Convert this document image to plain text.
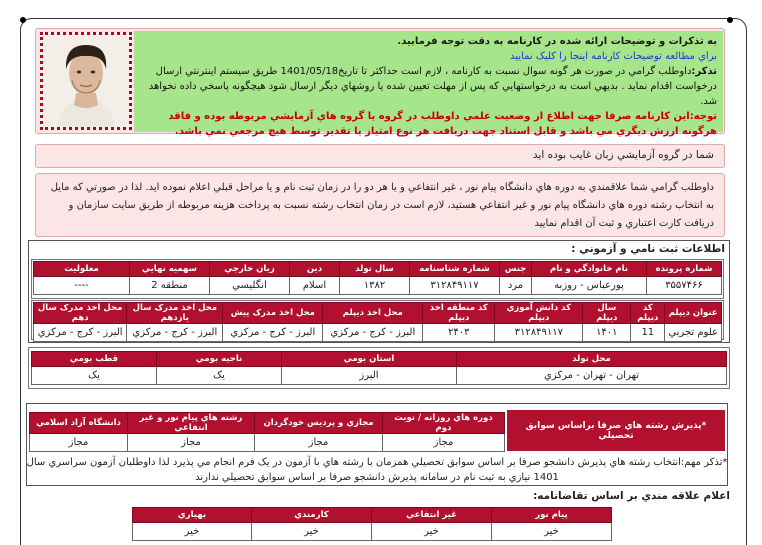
به تذکرات و توضیحات ارائه شده در کارنامه به دقت توجه فرمایید.
براي مطالعه توضيحات كارنامه اينجا را كليک نماييد
تذکر:داوطلب گرامي در صورت هر گونه سوال نسبت به كارنامه ، لازم است حداكثر تا تاريخ1401/05/18 طريق سيستم اينترنتي ارسال درخواست اقدام نمايد . بديهي است به درخواستهايي كه پس از مهلت تعيين شده يا روشهاي ديگر ارسال شود هيچگونه پاسخي داده نخواهد شد.
توجه:اين كارنامه صرفا جهت اطلاع از وضعيت علمي داوطلب در گروه يا گروه هاي آزمايشي مربوطه بوده و فاقد هرگونه ارزش ديگري مي باشد و قابل استناد جهت دريافت هر نوع امتياز يا تقدير توسط هيچ مرجعي نمي باشد.
شما در گروه آزمايشي زبان غايب بوده ايد
داوطلب گرامي شما علاقمندي به دوره هاي دانشگاه پيام نور ، غير انتفاعي و يا هر دو را در زمان ثبت نام و يا مراحل قبلي اعلام نموده ايد. لذا در صورتي كه مايل به انتخاب رشته دوره هاي دانشگاه پيام نور و غير انتفاعي هستيد، لازم است در زمان انتخاب رشته نسبت به پرداخت هزينه مربوطه از طريق سايت سازمان و دريافت كارت اعتباري و ثبت آن اقدام نماييد
اطلاعات ثبت نامي و آزموني :
شماره پرونده	نام خانوادگي و نام	جنس	شماره شناسنامه	سال تولد	دين	زبان خارجي	سهميه نهايي	معلوليت
۳۵۵۷۴۶۶	پورعباس - روزبه	مرد	۳۱۲۸۴۹۱۱۷	۱۳۸۲	اسلام	انگليسي	منطقه 2	----
عنوان ديپلم	كد ديپلم	سال ديپلم	كد دانش آموزي ديپلم	كد منطقه اخذ ديپلم	محل اخذ ديپلم	محل اخذ مدرک پيش	محل اخذ مدرک سال يازدهم	محل اخذ مدرک سال دهم
علوم تجربي	11	۱۴۰۱	۳۱۲۸۴۹۱۱۷	۲۴۰۳	البرز - كرج - مركزي	البرز - كرج - مركزي	البرز - كرج - مركزي	البرز - كرج - مركزي
محل تولد	استان بومي	ناحيه بومي	قطب بومي
تهران - تهران - مركزي	البرز	يک	يک
*پذيرش رشته هاي صرفا براساس سوابق تحصيلي
دوره هاي روزانه / نوبت دوم	مجازي و پرديس خودگردان	رشته هاي پيام نور و غير انتفاعي	دانشگاه آزاد اسلامي
مجاز	مجاز	مجاز	مجاز
*تذكر مهم:انتخاب رشته هاي پذيرش دانشجو صرفا بر اساس سوابق تحصيلي همزمان با رشته هاي با آزمون در يک فرم انجام مي پذيرد لذا داوطلبان آزمون سراسري سال 1401 نيازي به ثبت نام در سامانه پذيرش دانشجو صرفا بر اساس سوابق تحصيلي ندارند
اعلام علاقه مندي بر اساس تقاضانامه:
پيام نور	غير انتفاعي	كارمندي	بهياري
خير	خير	خير	خير
